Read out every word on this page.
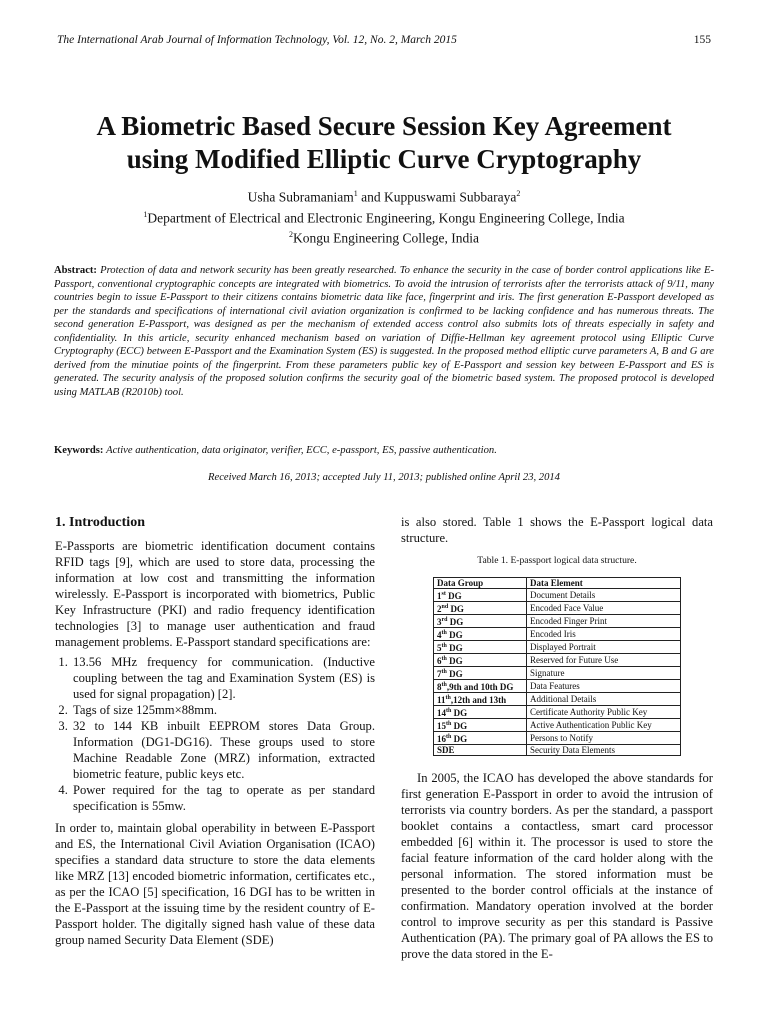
The International Arab Journal of Information Technology, Vol. 12, No. 2, March 2015	155
A Biometric Based Secure Session Key Agreement
using Modified Elliptic Curve Cryptography
Usha Subramaniam$^1$ and Kuppuswami Subbaraya$^2$
$^1$Department of Electrical and Electronic Engineering, Kongu Engineering College, India
$^2$Kongu Engineering College, India
Abstract: Protection of data and network security has been greatly researched. To enhance the security in the case of border control applications like E-Passport, conventional cryptographic concepts are integrated with biometrics. To avoid the intrusion of terrorists after the terrorists attack of 9/11, many countries begin to issue E-Passport to their citizens contains biometric data like face, fingerprint and iris. The first generation E-Passport developed as per the standards and specifications of international civil aviation organization is confirmed to be lacking confidence and has numerous threats. The second generation E-Passport, was designed as per the mechanism of extended access control also submits lots of threats especially in safety and confidentiality. In this article, security enhanced mechanism based on variation of Diffie-Hellman key agreement protocol using Elliptic Curve Cryptography (ECC) between E-Passport and the Examination System (ES) is suggested. In the proposed method elliptic curve parameters A, B and G are derived from the minutiae points of the fingerprint. From these parameters public key of E-Passport and session key between E-Passport and ES is generated. The security analysis of the proposed solution confirms the security goal of the biometric based system. The proposed protocol is developed using MATLAB (R2010b) tool.
Keywords: Active authentication, data originator, verifier, ECC, e-passport, ES, passive authentication.
Received March 16, 2013; accepted July 11, 2013; published online April 23, 2014
1. Introduction

E-Passports are biometric identification document contains RFID tags [9], which are used to store data, processing the information at low cost and transmitting the information wirelessly. E-Passport is incorporated with biometrics, Public Key Infrastructure (PKI) and radio frequency identification technologies [3] to manage user authentication and fraud management problems. E-Passport standard specifications are:

1. 13.56 MHz frequency for communication. (Inductive coupling between the tag and Examination System (ES) is used for signal propagation) [2].
2. Tags of size 125mm×88mm.
3. 32 to 144 KB inbuilt EEPROM stores Data Group. Information (DG1-DG16). These groups used to store Machine Readable Zone (MRZ) information, extracted biometric feature, public keys etc.
4. Power required for the tag to operate as per standard specification is 55mw.

In order to, maintain global operability in between E-Passport and ES, the International Civil Aviation Organisation (ICAO) specifies a standard data structure to store the data elements like MRZ [13] encoded biometric information, certificates etc., as per the ICAO [5] specification, 16 DGI has to be written in the E-Passport at the issuing time by the resident country of E-Passport holder. The digitally signed hash value of these data group named Security Data Element (SDE)

is also stored. Table 1 shows the E-Passport logical data structure.

Table 1. E-passport logical data structure.
Data Group	Data Element
1st DG	Document Details
2nd DG	Encoded Face Value
3rd DG	Encoded Finger Print
4th DG	Encoded Iris
5th DG	Displayed Portrait
6th DG	Reserved for Future Use
7th DG	Signature
8th,9th and 10th DG	Data Features
11th,12th and 13th	Additional Details
14th DG	Certificate Authority Public Key
15th DG	Active Authentication Public Key
16th DG	Persons to Notify
SDE	Security Data Elements

In 2005, the ICAO has developed the above standards for first generation E-Passport in order to avoid the intrusion of terrorists via country borders. As per the standard, a passport booklet contains a contactless, smart card processor embedded [6] within it. The processor is used to store the facial feature information of the card holder along with the personal information. The stored information must be presented to the border control officials at the instance of confirmation. Mandatory operation involved at the border control to improve security as per this standard is Passive Authentication (PA). The primary goal of PA allows the ES to prove the data stored in the E-
